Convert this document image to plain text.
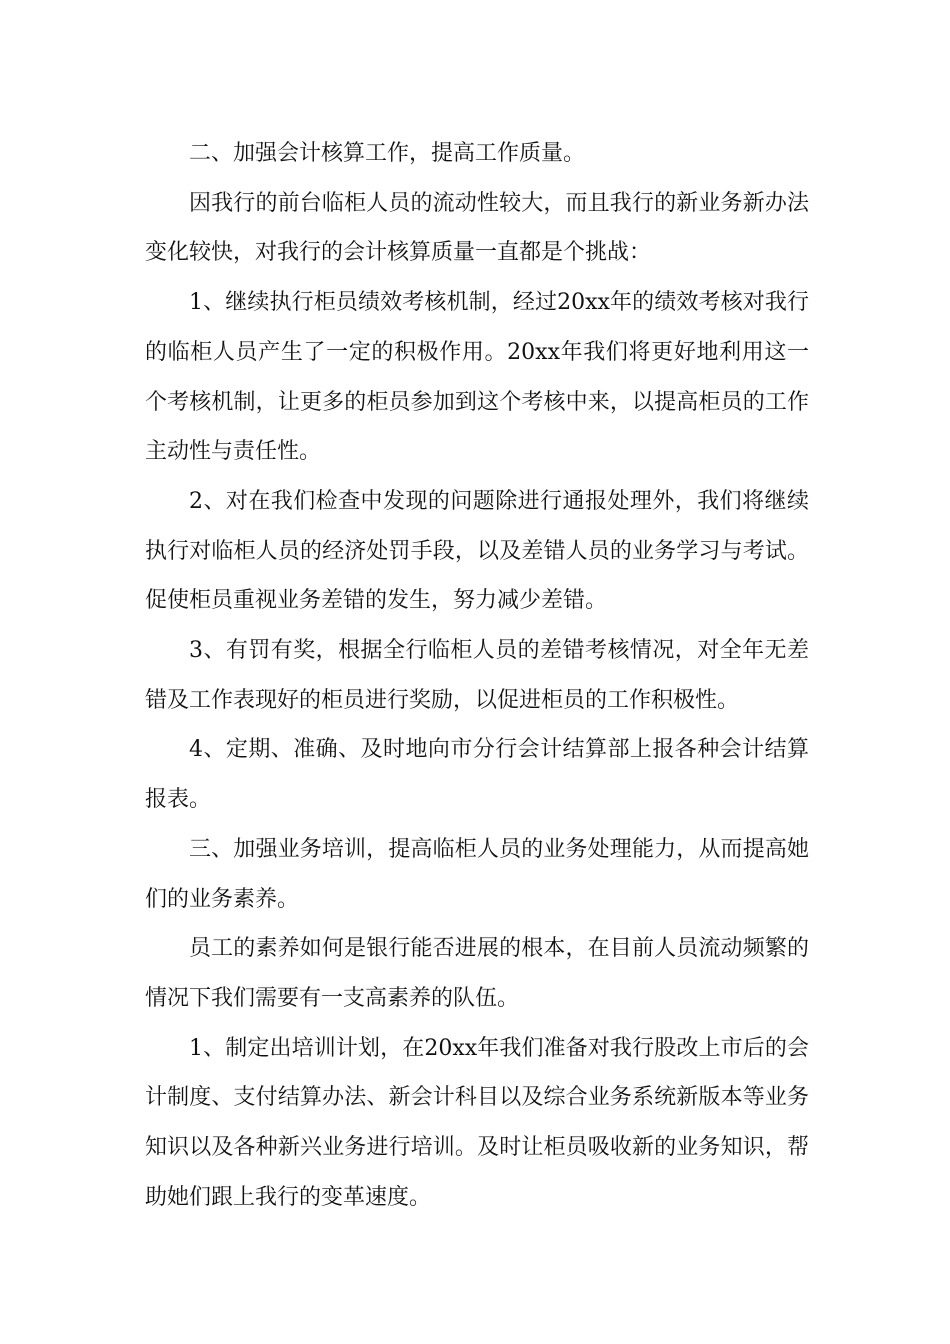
二、加强会计核算工作，提高工作质量。

因我行的前台临柜人员的流动性较大，而且我行的新业务新办法变化较快，对我行的会计核算质量一直都是个挑战：

1、继续执行柜员绩效考核机制，经过20xx年的绩效考核对我行的临柜人员产生了一定的积极作用。20xx年我们将更好地利用这一个考核机制，让更多的柜员参加到这个考核中来，以提高柜员的工作主动性与责任性。

2、对在我们检查中发现的问题除进行通报处理外，我们将继续执行对临柜人员的经济处罚手段，以及差错人员的业务学习与考试。促使柜员重视业务差错的发生，努力减少差错。

3、有罚有奖，根据全行临柜人员的差错考核情况，对全年无差错及工作表现好的柜员进行奖励，以促进柜员的工作积极性。

4、定期、准确、及时地向市分行会计结算部上报各种会计结算报表。

三、加强业务培训，提高临柜人员的业务处理能力，从而提高她们的业务素养。

员工的素养如何是银行能否进展的根本，在目前人员流动频繁的情况下我们需要有一支高素养的队伍。

1、制定出培训计划，在20xx年我们准备对我行股改上市后的会计制度、支付结算办法、新会计科目以及综合业务系统新版本等业务知识以及各种新兴业务进行培训。及时让柜员吸收新的业务知识，帮助她们跟上我行的变革速度。
